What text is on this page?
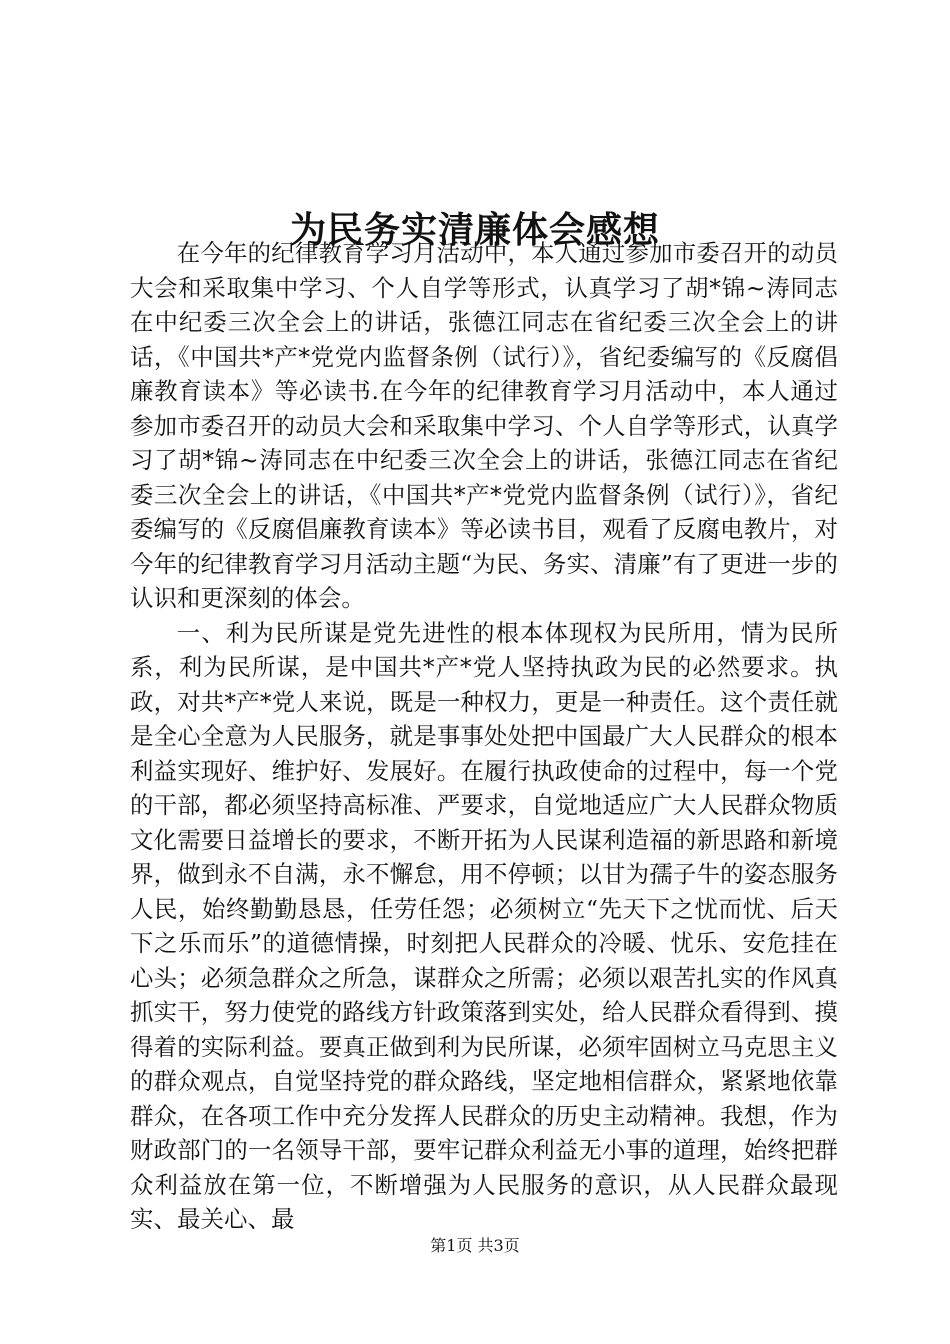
为民务实清廉体会感想

在今年的纪律教育学习月活动中，本人通过参加市委召开的动员大会和采取集中学习、个人自学等形式，认真学习了胡*锦~涛同志在中纪委三次全会上的讲话，张德江同志在省纪委三次全会上的讲话，《中国共*产*党党内监督条例（试行）》，省纪委编写的《反腐倡廉教育读本》等必读书.在今年的纪律教育学习月活动中，本人通过参加市委召开的动员大会和采取集中学习、个人自学等形式，认真学习了胡*锦~涛同志在中纪委三次全会上的讲话，张德江同志在省纪委三次全会上的讲话，《中国共*产*党党内监督条例（试行）》，省纪委编写的《反腐倡廉教育读本》等必读书目，观看了反腐电教片，对今年的纪律教育学习月活动主题“为民、务实、清廉”有了更进一步的认识和更深刻的体会。

一、利为民所谋是党先进性的根本体现权为民所用，情为民所系，利为民所谋，是中国共*产*党人坚持执政为民的必然要求。执政，对共*产*党人来说，既是一种权力，更是一种责任。这个责任就是全心全意为人民服务，就是事事处处把中国最广大人民群众的根本利益实现好、维护好、发展好。在履行执政使命的过程中，每一个党的干部，都必须坚持高标准、严要求，自觉地适应广大人民群众物质文化需要日益增长的要求，不断开拓为人民谋利造福的新思路和新境界，做到永不自满，永不懈怠，用不停顿；以甘为孺子牛的姿态服务人民，始终勤勤恳恳，任劳任怨；必须树立“先天下之忧而忧、后天下之乐而乐”的道德情操，时刻把人民群众的冷暖、忧乐、安危挂在心头；必须急群众之所急，谋群众之所需；必须以艰苦扎实的作风真抓实干，努力使党的路线方针政策落到实处，给人民群众看得到、摸得着的实际利益。要真正做到利为民所谋，必须牢固树立马克思主义的群众观点，自觉坚持党的群众路线，坚定地相信群众，紧紧地依靠群众，在各项工作中充分发挥人民群众的历史主动精神。我想，作为财政部门的一名领导干部，要牢记群众利益无小事的道理，始终把群众利益放在第一位，不断增强为人民服务的意识，从人民群众最现实、最关心、最

第1页 共3页
